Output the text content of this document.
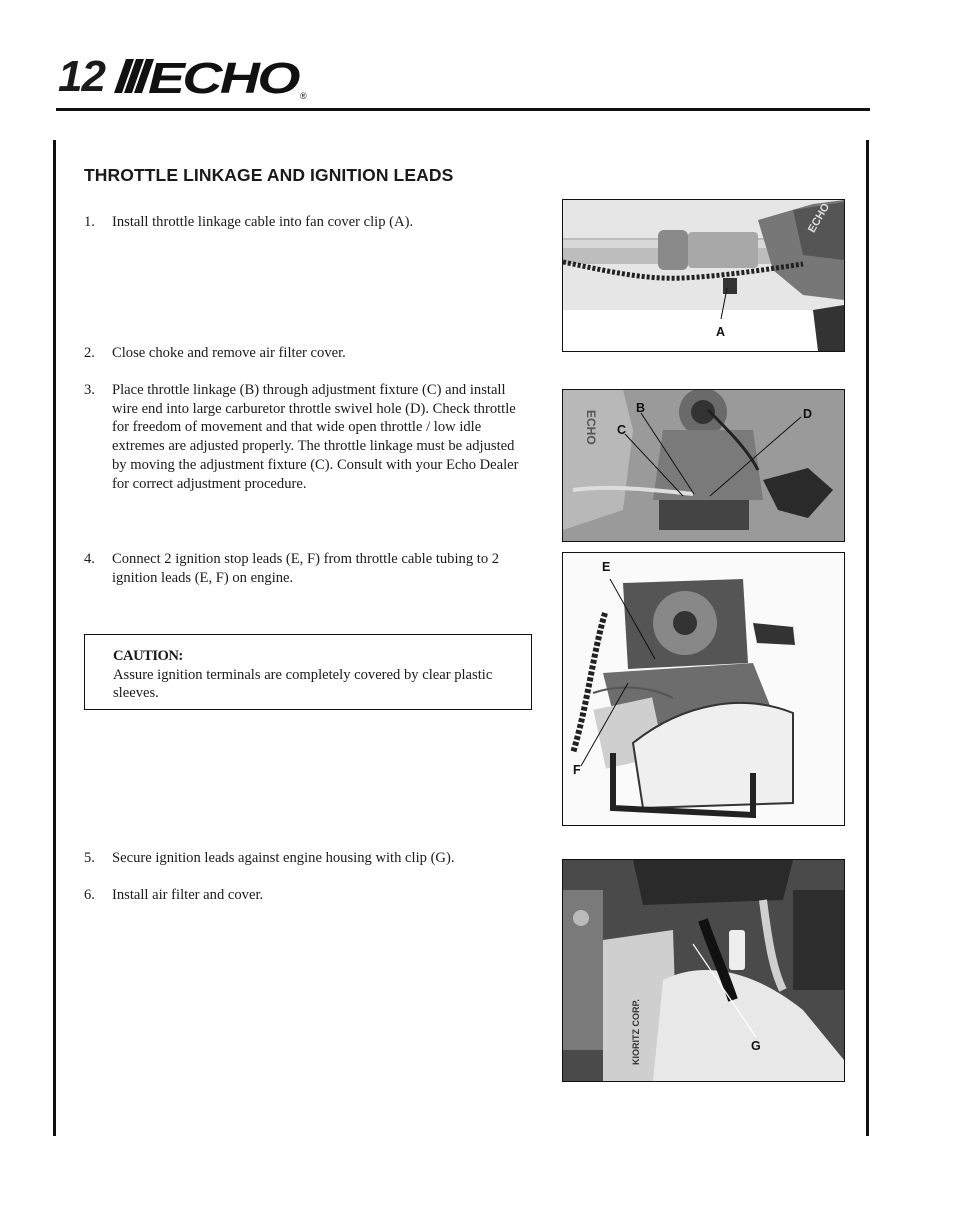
12 ECHO ®
THROTTLE LINKAGE AND IGNITION LEADS
1. Install throttle linkage cable into fan cover clip (A).
2. Close choke and remove air filter cover.
3. Place throttle linkage (B) through adjustment fixture (C) and install wire end into large carburetor throttle swivel hole (D). Check throttle for freedom of movement and that wide open throttle / low idle extremes are adjusted properly. The throttle linkage must be adjusted by moving the adjustment fixture (C). Consult with your Echo Dealer for correct adjustment procedure.
4. Connect 2 ignition stop leads (E, F) from throttle cable tubing to 2 ignition leads (E, F) on engine.
CAUTION:
Assure ignition terminals are completely covered by clear plastic sleeves.
5. Secure ignition leads against engine housing with clip (G).
6. Install air filter and cover.
ECHO
A
ECHO
B
C
D
E
F
KIORITZ CORP.	G
